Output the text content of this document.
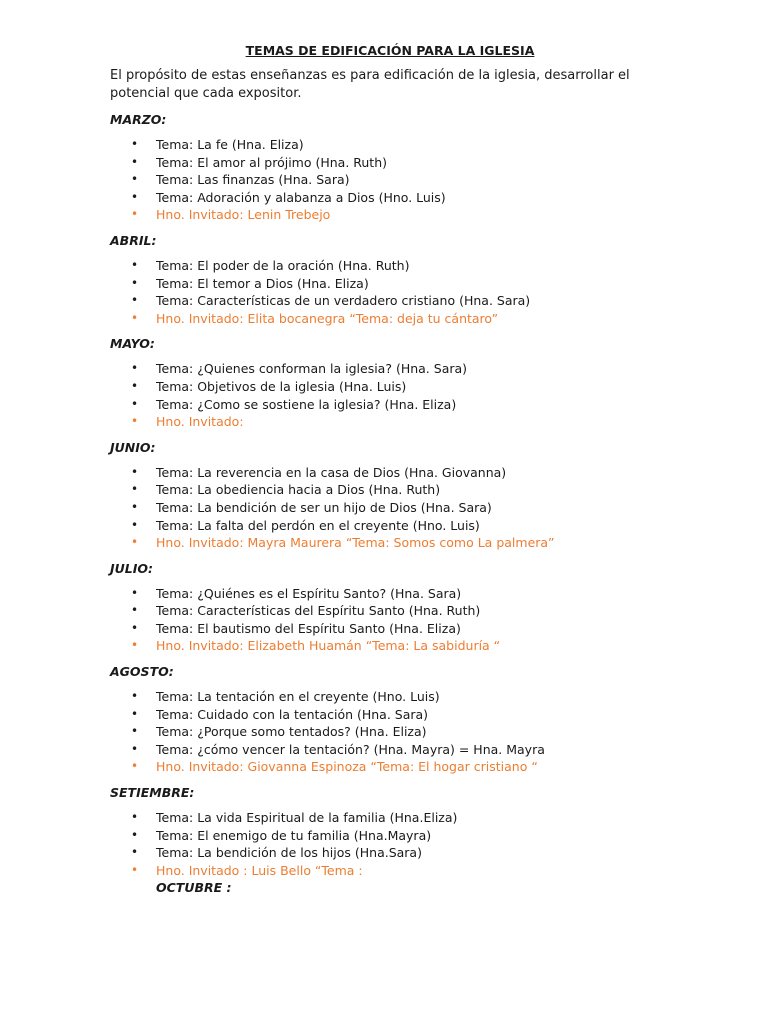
TEMAS DE EDIFICACIÓN PARA LA IGLESIA

El propósito de estas enseñanzas es para edificación de la iglesia, desarrollar el potencial que cada expositor.

MARZO:

• Tema: La fe (Hna. Eliza)
• Tema: El amor al prójimo (Hna. Ruth)
• Tema: Las finanzas (Hna. Sara)
• Tema: Adoración y alabanza a Dios (Hno. Luis)
• Hno. Invitado: Lenin Trebejo

ABRIL:

• Tema: El poder de la oración (Hna. Ruth)
• Tema: El temor a Dios (Hna. Eliza)
• Tema: Características de un verdadero cristiano (Hna. Sara)
• Hno. Invitado: Elita bocanegra “Tema: deja tu cántaro”

MAYO:

• Tema: ¿Quienes conforman la iglesia? (Hna. Sara)
• Tema: Objetivos de la iglesia (Hna. Luis)
• Tema: ¿Como se sostiene la iglesia? (Hna. Eliza)
• Hno. Invitado:

JUNIO:

• Tema: La reverencia en la casa de Dios (Hna. Giovanna)
• Tema: La obediencia hacia a Dios (Hna. Ruth)
• Tema: La bendición de ser un hijo de Dios (Hna. Sara)
• Tema: La falta del perdón en el creyente (Hno. Luis)
• Hno. Invitado: Mayra Maurera “Tema: Somos como La palmera”

JULIO:

• Tema: ¿Quiénes es el Espíritu Santo? (Hna. Sara)
• Tema: Características del Espíritu Santo (Hna. Ruth)
• Tema: El bautismo del Espíritu Santo (Hna. Eliza)
• Hno. Invitado: Elizabeth Huamán “Tema: La sabiduría “

AGOSTO:

• Tema: La tentación en el creyente (Hno. Luis)
• Tema: Cuidado con la tentación (Hna. Sara)
• Tema: ¿Porque somo tentados? (Hna. Eliza)
• Tema: ¿cómo vencer la tentación? (Hna. Mayra) = Hna. Mayra
• Hno. Invitado: Giovanna Espinoza “Tema: El hogar cristiano “

SETIEMBRE:

• Tema: La vida Espiritual de la familia (Hna.Eliza)
• Tema: El enemigo de tu familia (Hna.Mayra)
• Tema: La bendición de los hijos (Hna.Sara)
• Hno. Invitado : Luis Bello “Tema :

OCTUBRE :
